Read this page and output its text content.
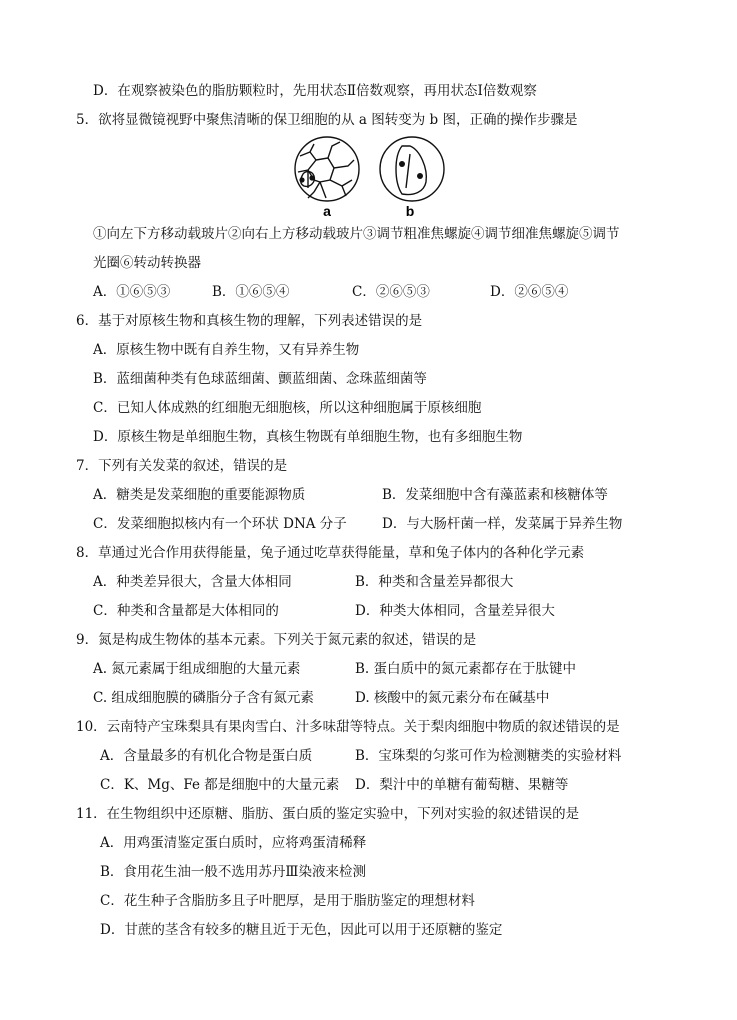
D．在观察被染色的脂肪颗粒时，先用状态Ⅱ倍数观察，再用状态Ⅰ倍数观察
5．欲将显微镜视野中聚焦清晰的保卫细胞的从 a 图转变为 b 图，正确的操作步骤是
a	b
①向左下方移动载玻片②向右上方移动载玻片③调节粗准焦螺旋④调节细准焦螺旋⑤调节
光圈⑥转动转换器
A．①⑥⑤③	B．①⑥⑤④	C．②⑥⑤③	D．②⑥⑤④
6．基于对原核生物和真核生物的理解，下列表述错误的是
A．原核生物中既有自养生物，又有异养生物
B．蓝细菌种类有色球蓝细菌、颤蓝细菌、念珠蓝细菌等
C．已知人体成熟的红细胞无细胞核，所以这种细胞属于原核细胞
D．原核生物是单细胞生物，真核生物既有单细胞生物，也有多细胞生物
7．下列有关发菜的叙述，错误的是
A．糖类是发菜细胞的重要能源物质	B．发菜细胞中含有藻蓝素和核糖体等
C．发菜细胞拟核内有一个环状 DNA 分子	D．与大肠杆菌一样，发菜属于异养生物
8．草通过光合作用获得能量，兔子通过吃草获得能量，草和兔子体内的各种化学元素
A．种类差异很大，含量大体相同	B．种类和含量差异都很大
C．种类和含量都是大体相同的	D．种类大体相同，含量差异很大
9．氮是构成生物体的基本元素。下列关于氮元素的叙述，错误的是
A. 氮元素属于组成细胞的大量元素	B. 蛋白质中的氮元素都存在于肽键中
C. 组成细胞膜的磷脂分子含有氮元素	D. 核酸中的氮元素分布在碱基中
10．云南特产宝珠梨具有果肉雪白、汁多味甜等特点。关于梨肉细胞中物质的叙述错误的是
A．含量最多的有机化合物是蛋白质	B．宝珠梨的匀浆可作为检测糖类的实验材料
C．K、Mg、Fe 都是细胞中的大量元素 D．梨汁中的单糖有葡萄糖、果糖等
11．在生物组织中还原糖、脂肪、蛋白质的鉴定实验中，下列对实验的叙述错误的是
A．用鸡蛋清鉴定蛋白质时，应将鸡蛋清稀释
B．食用花生油一般不选用苏丹Ⅲ染液来检测
C．花生种子含脂肪多且子叶肥厚，是用于脂肪鉴定的理想材料
D．甘蔗的茎含有较多的糖且近于无色，因此可以用于还原糖的鉴定
